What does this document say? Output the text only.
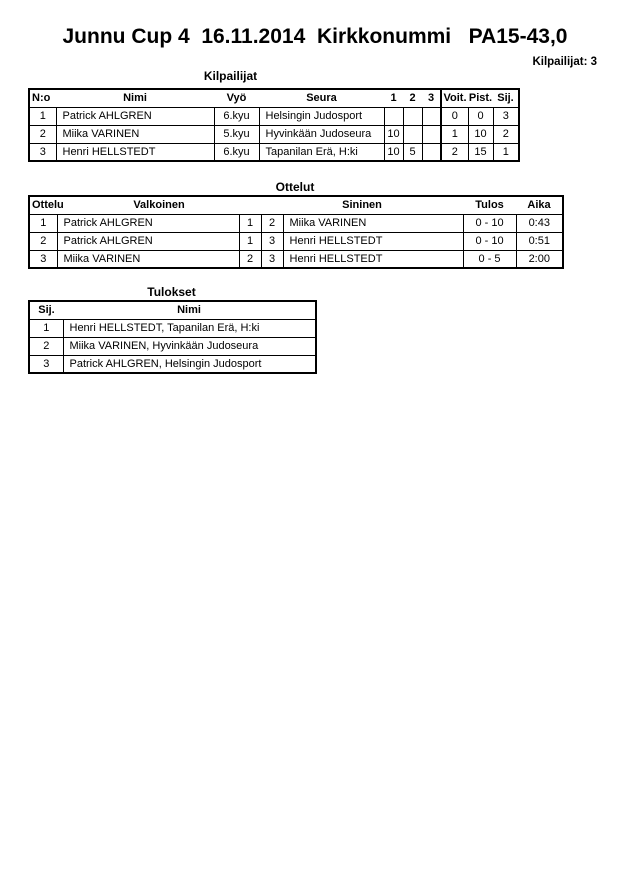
Junnu Cup 4  16.11.2014  Kirkkonummi   PA15-43,0
Kilpailijat: 3
Kilpailijat
N:o	Nimi	Vyö	Seura	1	2	3	Voit.	Pist.	Sij.
1	Patrick AHLGREN	6.kyu	Helsingin Judosport				0	0	3
2	Miika VARINEN	5.kyu	Hyvinkään Judoseura	10			1	10	2
3	Henri HELLSTEDT	6.kyu	Tapanilan Erä, H:ki	10	5		2	15	1
Ottelut
Ottelu	Valkoinen		Sininen		Tulos	Aika
1	Patrick AHLGREN	1	2	Miika VARINEN	0 - 10	0:43
2	Patrick AHLGREN	1	3	Henri HELLSTEDT	0 - 10	0:51
3	Miika VARINEN	2	3	Henri HELLSTEDT	0 - 5	2:00
Tulokset
Sij.	Nimi
1	Henri HELLSTEDT, Tapanilan Erä, H:ki
2	Miika VARINEN, Hyvinkään Judoseura
3	Patrick AHLGREN, Helsingin Judosport
